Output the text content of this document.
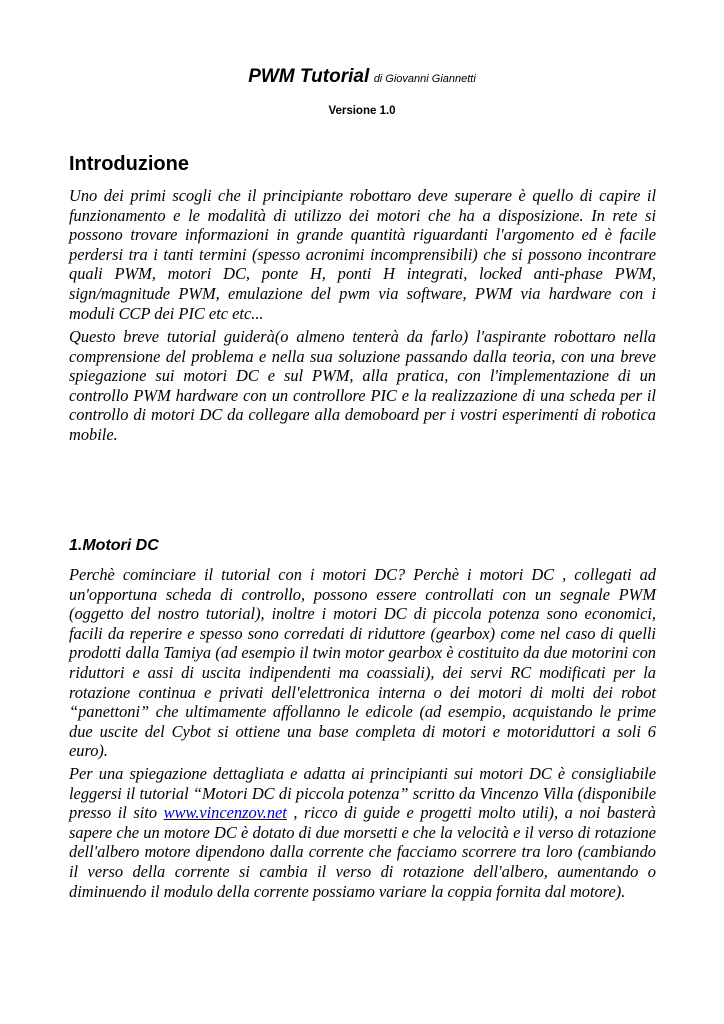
PWM Tutorial di Giovanni Giannetti
Versione 1.0
Introduzione

Uno dei primi scogli che il principiante robottaro deve superare è quello di capire il funzionamento e le modalità di utilizzo dei motori che ha a disposizione. In rete si possono trovare informazioni in grande quantità riguardanti l'argomento ed è facile perdersi tra i tanti termini (spesso acronimi incomprensibili) che si possono incontrare quali PWM, motori DC, ponte H, ponti H integrati, locked anti-phase PWM, sign/magnitude PWM, emulazione del pwm via software, PWM via hardware con i moduli CCP dei PIC etc etc...

Questo breve tutorial guiderà(o almeno tenterà da farlo) l'aspirante robottaro nella comprensione del problema e nella sua soluzione passando dalla teoria, con una breve spiegazione sui motori DC e sul PWM, alla pratica, con l'implementazione di un controllo PWM hardware con un controllore PIC e la realizzazione di una scheda per il controllo di motori DC da collegare alla demoboard per i vostri esperimenti di robotica mobile.

1.Motori DC

Perchè cominciare il tutorial con i motori DC? Perchè i motori DC , collegati ad un'opportuna scheda di controllo, possono essere controllati con un segnale PWM (oggetto del nostro tutorial), inoltre i motori DC di piccola potenza sono economici, facili da reperire e spesso sono corredati di riduttore (gearbox) come nel caso di quelli prodotti dalla Tamiya (ad esempio il twin motor gearbox è costituito da due motorini con riduttori e assi di uscita indipendenti ma coassiali), dei servi RC modificati per la rotazione continua e privati dell'elettronica interna o dei motori di molti dei robot “panettoni” che ultimamente affollanno le edicole (ad esempio, acquistando le prime due uscite del Cybot si ottiene una base completa di motori e motoriduttori a soli 6 euro).

Per una spiegazione dettagliata e adatta ai principianti sui motori DC è consigliabile leggersi il tutorial “Motori DC di piccola potenza” scritto da Vincenzo Villa (disponibile presso il sito www.vincenzov.net , ricco di guide e progetti molto utili), a noi basterà sapere che un motore DC è dotato di due morsetti e che la velocità e il verso di rotazione dell'albero motore dipendono dalla corrente che facciamo scorrere tra loro (cambiando il verso della corrente si cambia il verso di rotazione dell'albero, aumentando o diminuendo il modulo della corrente possiamo variare la coppia fornita dal motore).
